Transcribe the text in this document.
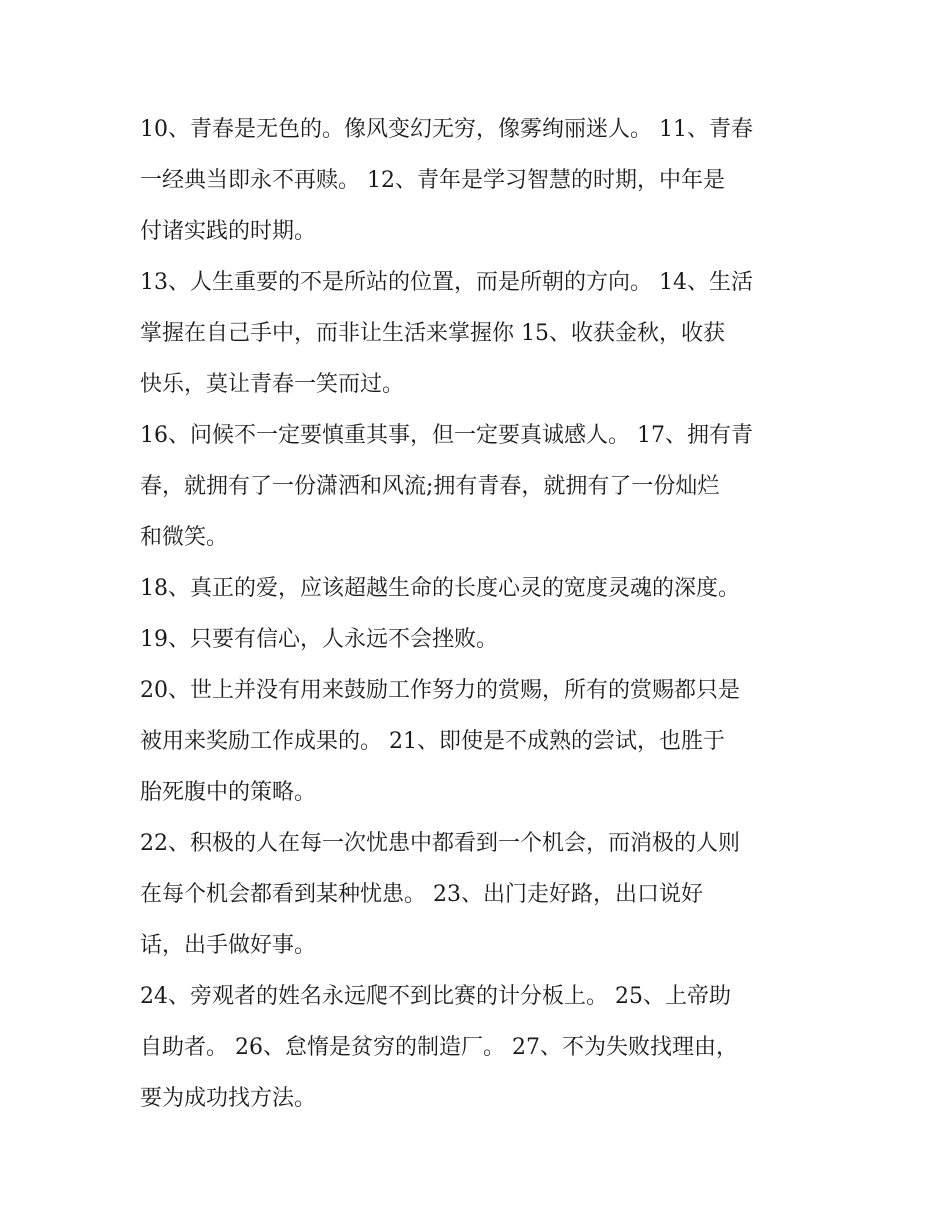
10、青春是无色的。像风变幻无穷，像雾绚丽迷人。 11、青春
一经典当即永不再赎。 12、青年是学习智慧的时期，中年是
付诸实践的时期。
13、人生重要的不是所站的位置，而是所朝的方向。 14、生活
掌握在自己手中，而非让生活来掌握你 15、收获金秋，收获
快乐，莫让青春一笑而过。
16、问候不一定要慎重其事，但一定要真诚感人。 17、拥有青
春，就拥有了一份潇洒和风流;拥有青春，就拥有了一份灿烂
和微笑。
18、真正的爱，应该超越生命的长度心灵的宽度灵魂的深度。
19、只要有信心，人永远不会挫败。
20、世上并没有用来鼓励工作努力的赏赐，所有的赏赐都只是
被用来奖励工作成果的。 21、即使是不成熟的尝试，也胜于
胎死腹中的策略。
22、积极的人在每一次忧患中都看到一个机会，而消极的人则
在每个机会都看到某种忧患。 23、出门走好路，出口说好
话，出手做好事。
24、旁观者的姓名永远爬不到比赛的计分板上。 25、上帝助
自助者。 26、怠惰是贫穷的制造厂。 27、不为失败找理由，
要为成功找方法。
